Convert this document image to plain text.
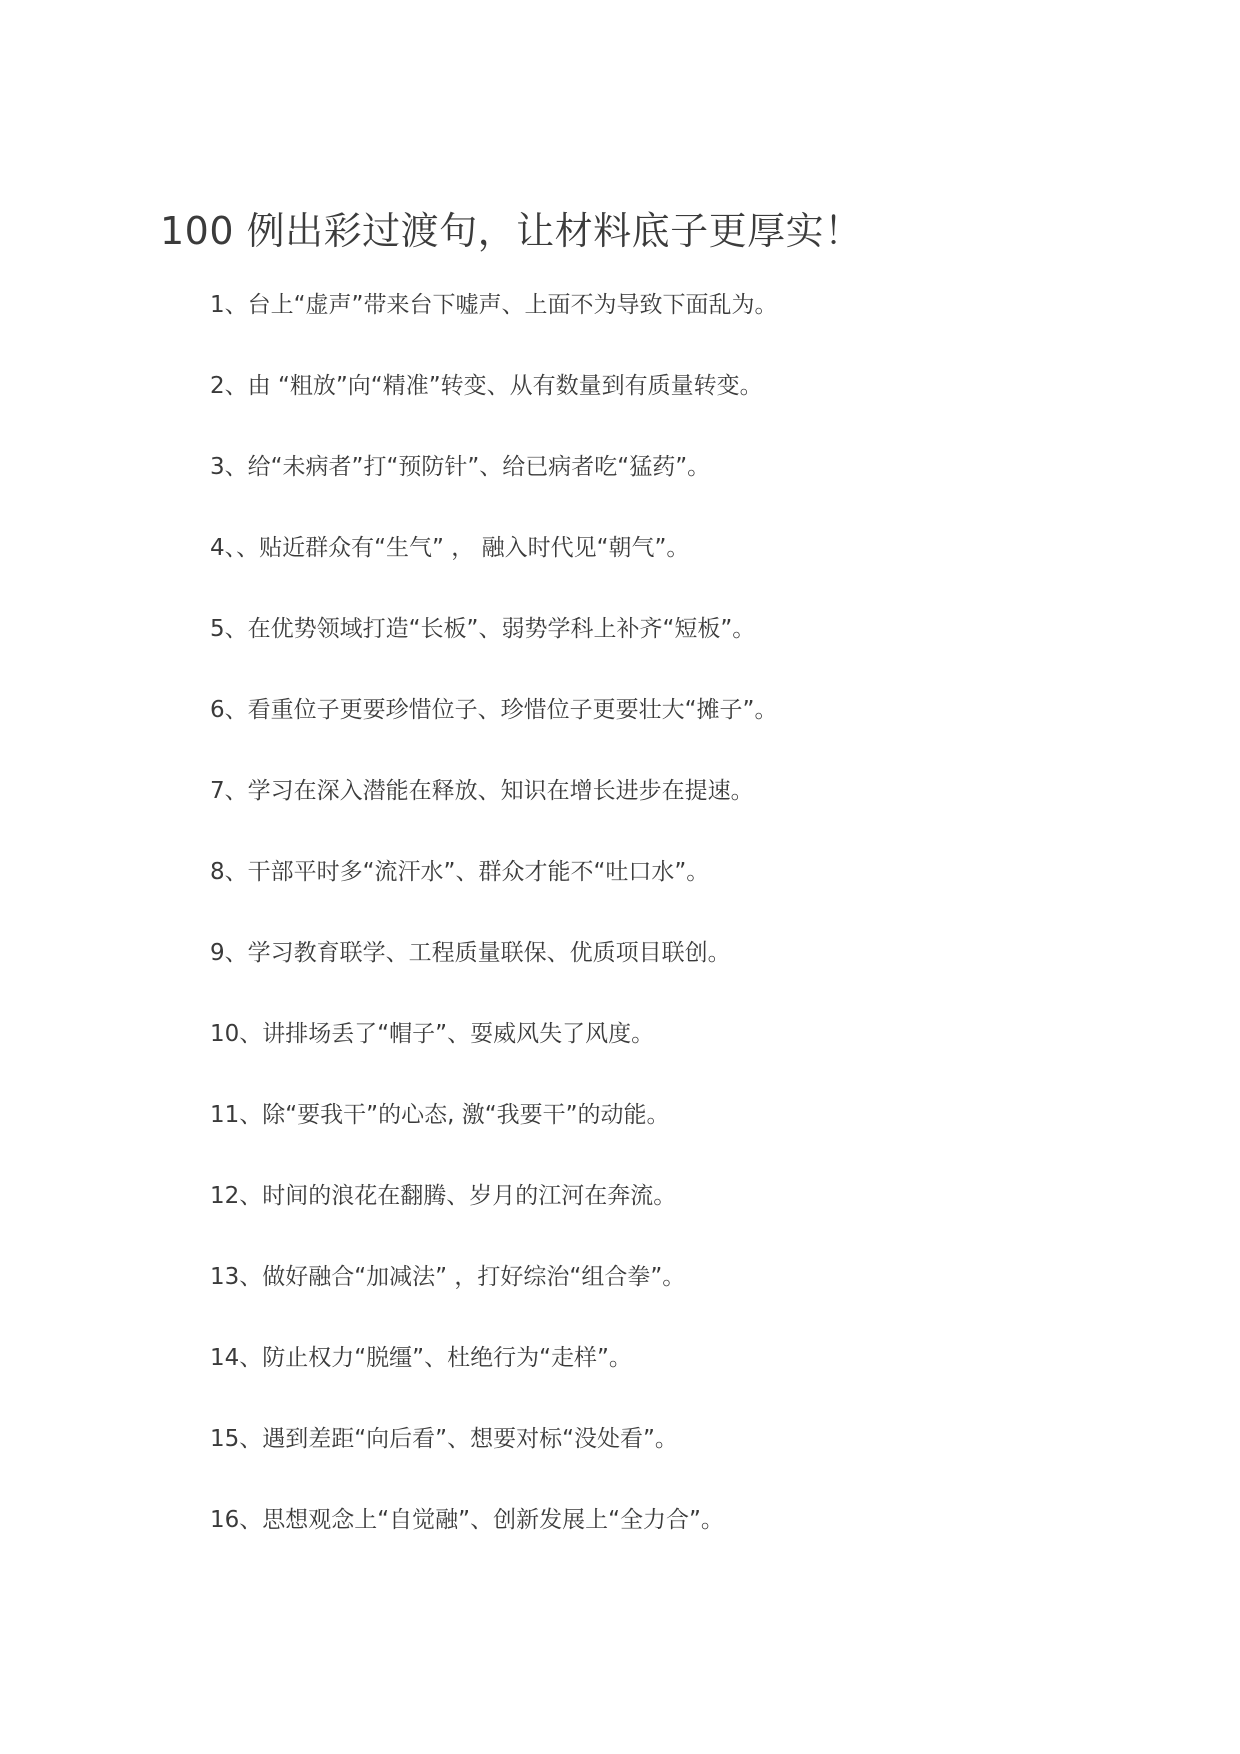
100 例出彩过渡句，让材料底子更厚实！
1、台上“虚声”带来台下嘘声、上面不为导致下面乱为。
2、由 “粗放”向“精准”转变、从有数量到有质量转变。
3、给“未病者”打“预防针”、给已病者吃“猛药”。
4、、贴近群众有“生气” ， 融入时代见“朝气”。
5、在优势领域打造“长板”、弱势学科上补齐“短板”。
6、看重位子更要珍惜位子、珍惜位子更要壮大“摊子”。
7、学习在深入潜能在释放、知识在增长进步在提速。
8、干部平时多“流汗水”、群众才能不“吐口水”。
9、学习教育联学、工程质量联保、优质项目联创。
10、讲排场丢了“帽子”、耍威风失了风度。
11、除“要我干”的心态, 激“我要干”的动能。
12、时间的浪花在翻腾、岁月的江河在奔流。
13、做好融合“加减法” ，打好综治“组合拳”。
14、防止权力“脱缰”、杜绝行为“走样”。
15、遇到差距“向后看”、想要对标“没处看”。
16、思想观念上“自觉融”、创新发展上“全力合”。
